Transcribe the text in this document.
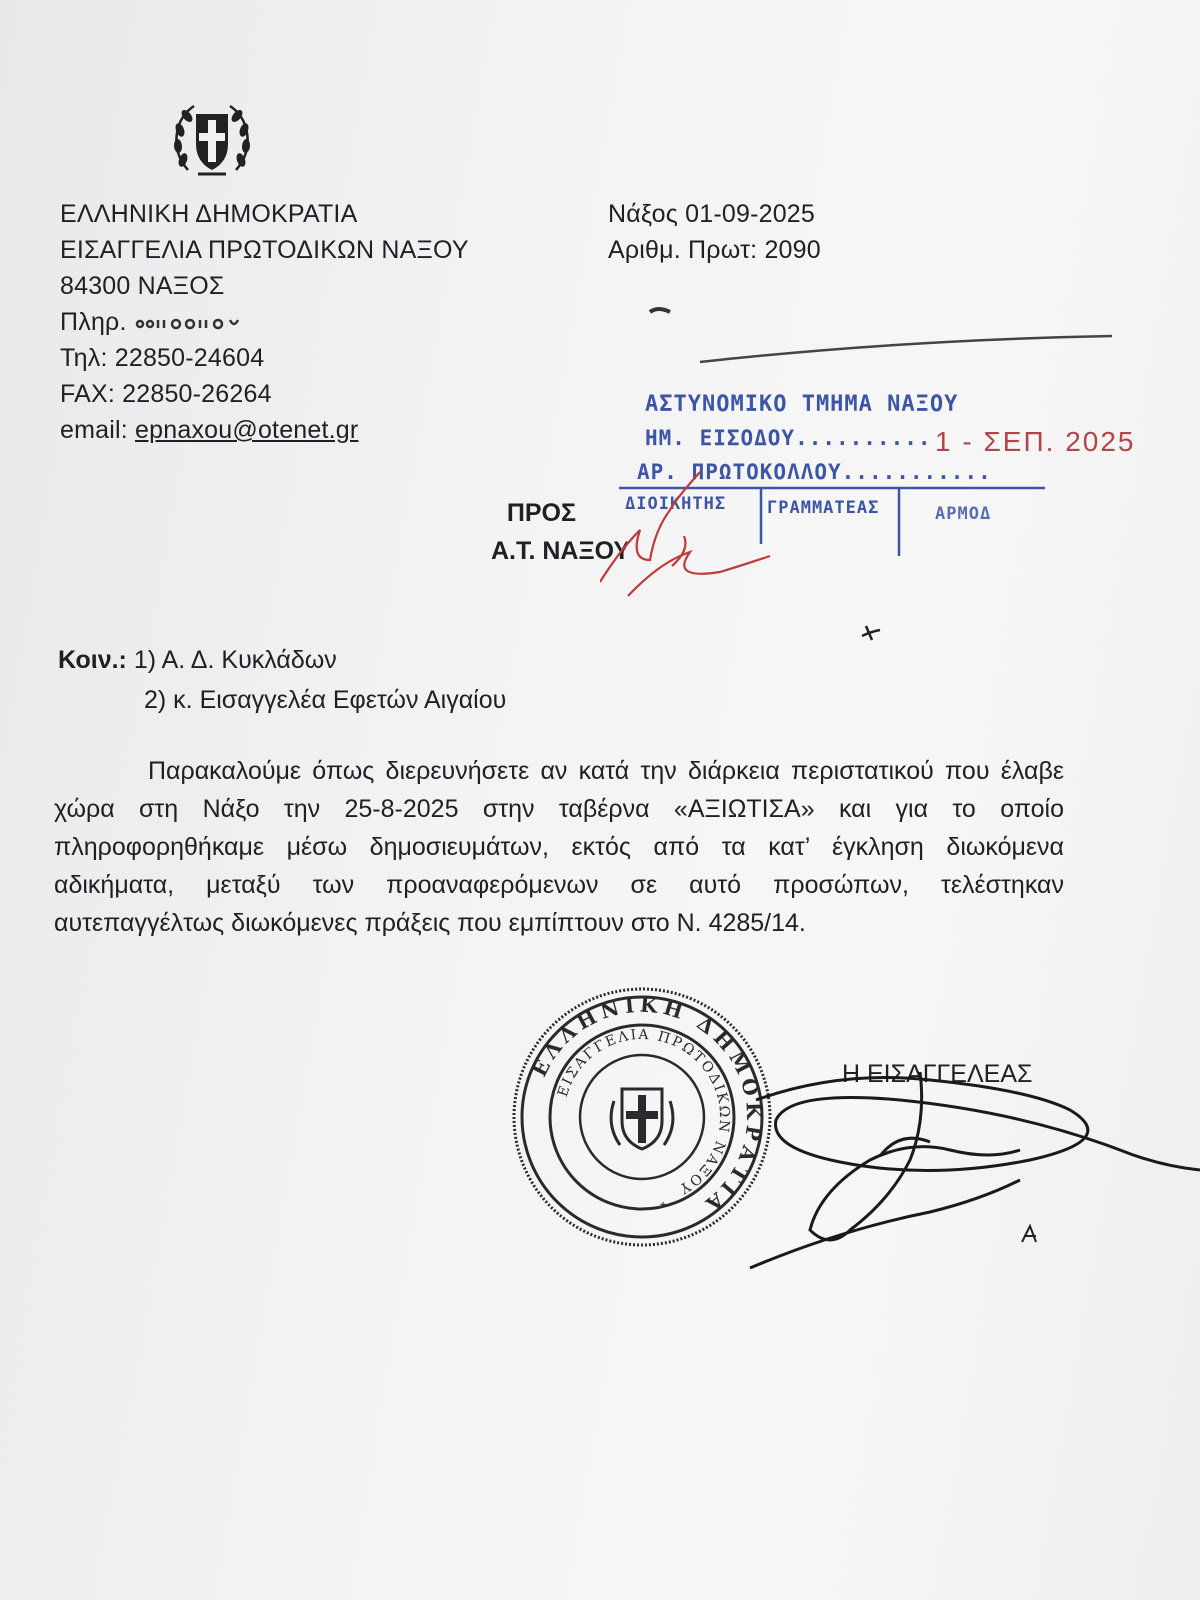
ΕΛΛΗΝΙΚΗ ΔΗΜΟΚΡΑΤΙΑ
ΕΙΣΑΓΓΕΛΙΑ ΠΡΩΤΟΔΙΚΩΝ ΝΑΞΟΥ
84300 ΝΑΞΟΣ
Πληρ.
Τηλ: 22850-24604
FAX: 22850-26264
email: epnaxou@otenet.gr
Νάξος 01-09-2025
Αριθμ. Πρωτ: 2090
ΑΣΤΥΝΟΜΙΚΟ ΤΜΗΜΑ ΝΑΞΟΥ
ΗΜ. ΕΙΣΟΔΟΥ.......... 1 - ΣΕΠ. 2025
ΑΡ. ΠΡΩΤΟΚΟΛΛΟΥ...........
ΔΙΟΙΚΗΤΗΣ ΓΡΑΜΜΑΤΕΑΣ	ΑΡΜΟΔ
ΠΡΟΣ
Α.Τ. ΝΑΞΟΥ
Κοιν.: 1) Α. Δ. Κυκλάδων
2) κ. Εισαγγελέα Εφετών Αιγαίου

Παρακαλούμε όπως διερευνήσετε αν κατά την διάρκεια περιστατικού που έλαβε χώρα στη Νάξο την 25-8-2025 στην ταβέρνα «ΑΞΙΩΤΙΣΑ» και για το οποίο πληροφορηθήκαμε μέσω δημοσιευμάτων, εκτός από τα κατ’ έγκληση διωκόμενα αδικήματα, μεταξύ των προαναφερόμενων σε αυτό προσώπων, τελέστηκαν αυτεπαγγέλτως διωκόμενες πράξεις που εμπίπτουν στο Ν. 4285/14.

Η ΕΙΣΑΓΓΕΛΕΑΣ
ΕΛΛΗΝΙΚΗ ΔΗΜΟΚΡΑΤΙΑ
ΕΙΣΑΓΓΕΛΙΑ ΠΡΩΤΟΔΙΚΩΝ ΝΑΞΟΥ
*
